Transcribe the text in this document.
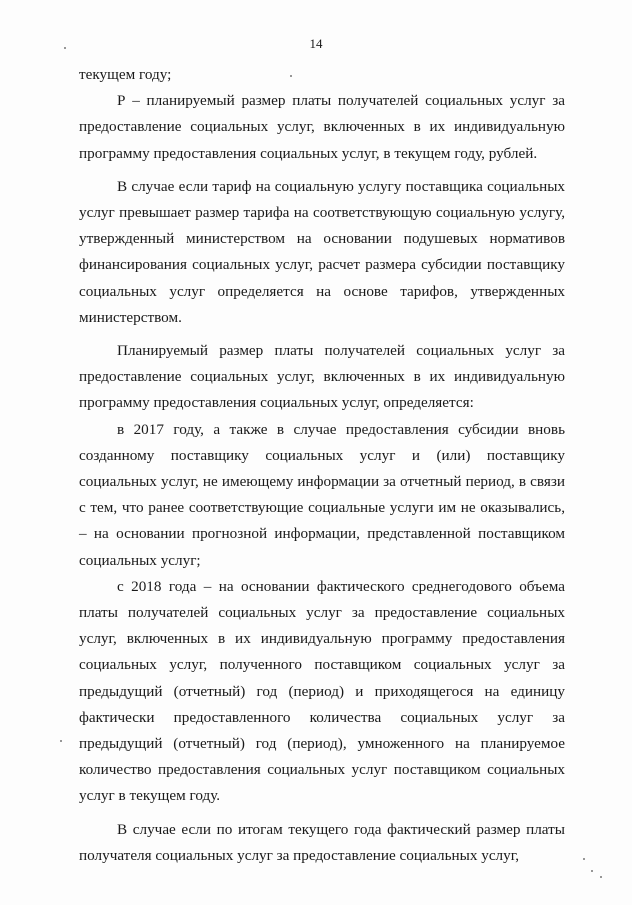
14

текущем году;

Р – планируемый размер платы получателей социальных услуг за предоставление социальных услуг, включенных в их индивидуальную программу предоставления социальных услуг, в текущем году, рублей.

В случае если тариф на социальную услугу поставщика социальных услуг превышает размер тарифа на соответствующую социальную услугу, утвержденный министерством на основании подушевых нормативов финансирования социальных услуг, расчет размера субсидии поставщику социальных услуг определяется на основе тарифов, утвержденных министерством.

Планируемый размер платы получателей социальных услуг за предоставление социальных услуг, включенных в их индивидуальную программу предоставления социальных услуг, определяется:

в 2017 году, а также в случае предоставления субсидии вновь созданному поставщику социальных услуг и (или) поставщику социальных услуг, не имеющему информации за отчетный период, в связи с тем, что ранее соответствующие социальные услуги им не оказывались, – на основании прогнозной информации, представленной поставщиком социальных услуг;

с 2018 года – на основании фактического среднегодового объема платы получателей социальных услуг за предоставление социальных услуг, включенных в их индивидуальную программу предоставления социальных услуг, полученного поставщиком социальных услуг за предыдущий (отчетный) год (период) и приходящегося на единицу фактически предоставленного количества социальных услуг за предыдущий (отчетный) год (период), умноженного на планируемое количество предоставления социальных услуг поставщиком социальных услуг в текущем году.

В случае если по итогам текущего года фактический размер платы получателя социальных услуг за предоставление социальных услуг,
